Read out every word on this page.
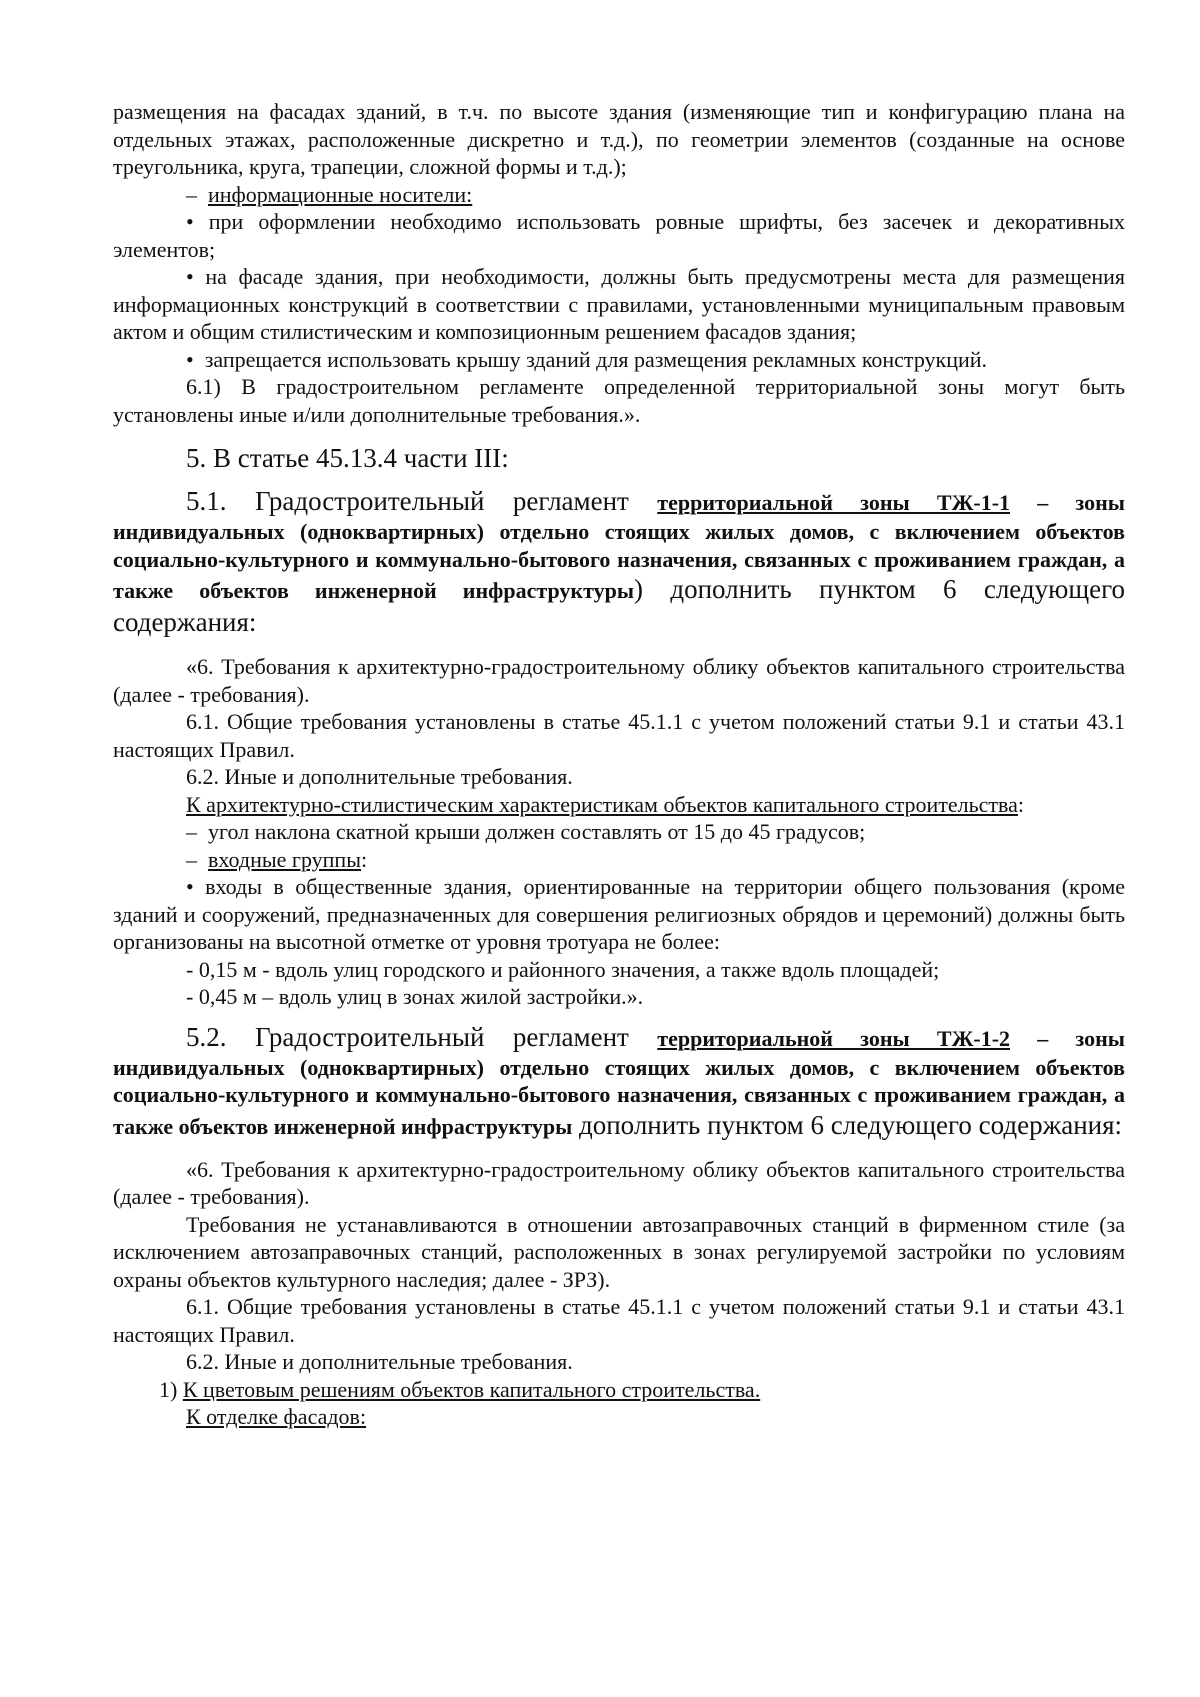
размещения на фасадах зданий, в т.ч. по высоте здания (изменяющие тип и конфигурацию плана на отдельных этажах, расположенные дискретно и т.д.), по геометрии элементов (созданные на основе треугольника, круга, трапеции, сложной формы и т.д.);

– информационные носители:

• при оформлении необходимо использовать ровные шрифты, без засечек и декоративных элементов;

• на фасаде здания, при необходимости, должны быть предусмотрены места для размещения информационных конструкций в соответствии с правилами, установленными муниципальным правовым актом и общим стилистическим и композиционным решением фасадов здания;

• запрещается использовать крышу зданий для размещения рекламных конструкций.

6.1) В градостроительном регламенте определенной территориальной зоны могут быть установлены иные и/или дополнительные требования.».

5. В статье 45.13.4 части III:

5.1. Градостроительный регламент территориальной зоны ТЖ-1-1 – зоны индивидуальных (одноквартирных) отдельно стоящих жилых домов, с включением объектов социально-культурного и коммунально-бытового назначения, связанных с проживанием граждан, а также объектов инженерной инфраструктуры) дополнить пунктом 6 следующего содержания:

«6. Требования к архитектурно-градостроительному облику объектов капитального строительства (далее - требования).

6.1. Общие требования установлены в статье 45.1.1 с учетом положений статьи 9.1 и статьи 43.1 настоящих Правил.

6.2. Иные и дополнительные требования.

К архитектурно-стилистическим характеристикам объектов капитального строительства:

– угол наклона скатной крыши должен составлять от 15 до 45 градусов;

– входные группы:

• входы в общественные здания, ориентированные на территории общего пользования (кроме зданий и сооружений, предназначенных для совершения религиозных обрядов и церемоний) должны быть организованы на высотной отметке от уровня тротуара не более:

- 0,15 м - вдоль улиц городского и районного значения, а также вдоль площадей;

- 0,45 м – вдоль улиц в зонах жилой застройки.».

5.2. Градостроительный регламент территориальной зоны ТЖ-1-2 – зоны индивидуальных (одноквартирных) отдельно стоящих жилых домов, с включением объектов социально-культурного и коммунально-бытового назначения, связанных с проживанием граждан, а также объектов инженерной инфраструктуры дополнить пунктом 6 следующего содержания:

«6. Требования к архитектурно-градостроительному облику объектов капитального строительства (далее - требования).

Требования не устанавливаются в отношении автозаправочных станций в фирменном стиле (за исключением автозаправочных станций, расположенных в зонах регулируемой застройки по условиям охраны объектов культурного наследия; далее - ЗРЗ).

6.1. Общие требования установлены в статье 45.1.1 с учетом положений статьи 9.1 и статьи 43.1 настоящих Правил.

6.2. Иные и дополнительные требования.

1) К цветовым решениям объектов капитального строительства.

К отделке фасадов:
